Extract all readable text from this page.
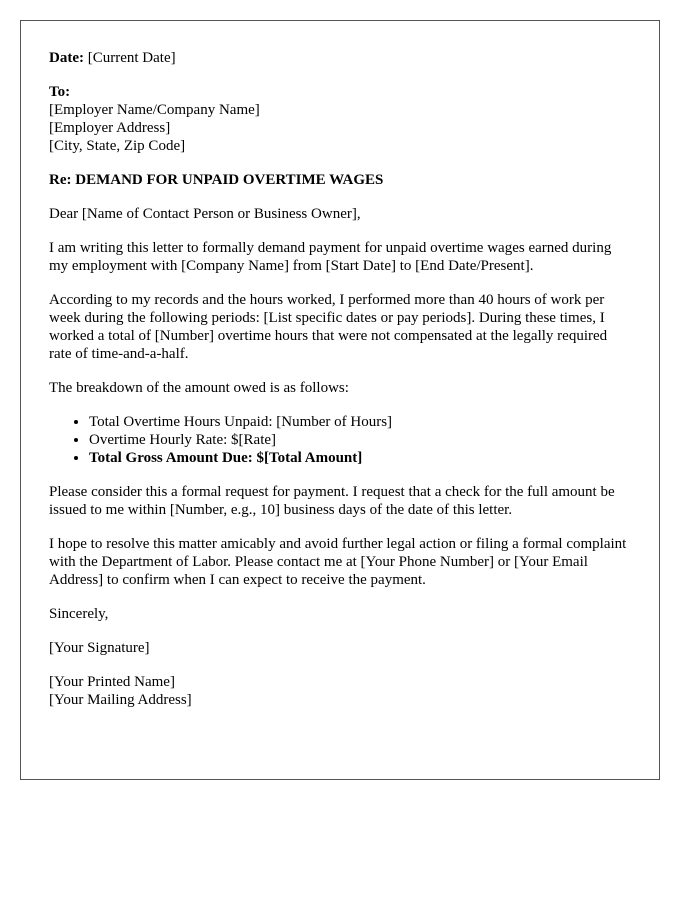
Date: [Current Date]

To:
[Employer Name/Company Name]
[Employer Address]
[City, State, Zip Code]

Re: DEMAND FOR UNPAID OVERTIME WAGES

Dear [Name of Contact Person or Business Owner],

I am writing this letter to formally demand payment for unpaid overtime wages earned during my employment with [Company Name] from [Start Date] to [End Date/Present].

According to my records and the hours worked, I performed more than 40 hours of work per week during the following periods: [List specific dates or pay periods]. During these times, I worked a total of [Number] overtime hours that were not compensated at the legally required rate of time-and-a-half.

The breakdown of the amount owed is as follows:

• Total Overtime Hours Unpaid: [Number of Hours]
• Overtime Hourly Rate: $[Rate]
• Total Gross Amount Due: $[Total Amount]

Please consider this a formal request for payment. I request that a check for the full amount be issued to me within [Number, e.g., 10] business days of the date of this letter.

I hope to resolve this matter amicably and avoid further legal action or filing a formal complaint with the Department of Labor. Please contact me at [Your Phone Number] or [Your Email Address] to confirm when I can expect to receive the payment.

Sincerely,

[Your Signature]

[Your Printed Name]
[Your Mailing Address]
